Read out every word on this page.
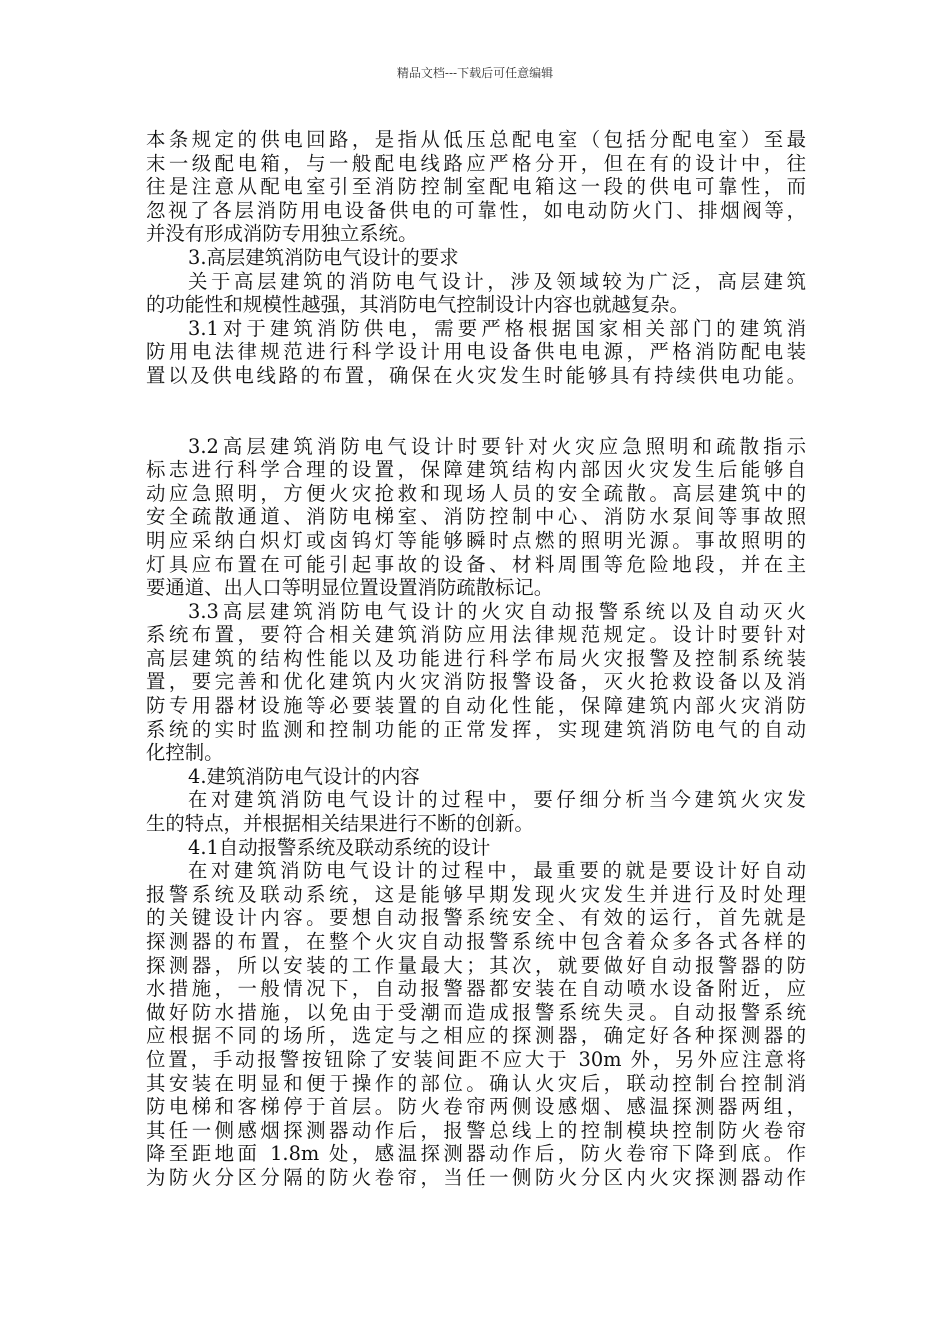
精品文档---下载后可任意编辑
本条规定的供电回路，是指从低压总配电室（包括分配电室）至最
末一级配电箱，与一般配电线路应严格分开，但在有的设计中，往
往是注意从配电室引至消防控制室配电箱这一段的供电可靠性，而
忽视了各层消防用电设备供电的可靠性，如电动防火门、排烟阀等，
并没有形成消防专用独立系统。
3.高层建筑消防电气设计的要求
关于高层建筑的消防电气设计，涉及领域较为广泛，高层建筑
的功能性和规模性越强，其消防电气控制设计内容也就越复杂。
3.1对于建筑消防供电，需要严格根据国家相关部门的建筑消
防用电法律规范进行科学设计用电设备供电电源，严格消防配电装
置以及供电线路的布置，确保在火灾发生时能够具有持续供电功能。
3.2高层建筑消防电气设计时要针对火灾应急照明和疏散指示
标志进行科学合理的设置，保障建筑结构内部因火灾发生后能够自
动应急照明，方便火灾抢救和现场人员的安全疏散。高层建筑中的
安全疏散通道、消防电梯室、消防控制中心、消防水泵间等事故照
明应采纳白炽灯或卤钨灯等能够瞬时点燃的照明光源。事故照明的
灯具应布置在可能引起事故的设备、材料周围等危险地段，并在主
要通道、出人口等明显位置设置消防疏散标记。
3.3高层建筑消防电气设计的火灾自动报警系统以及自动灭火
系统布置，要符合相关建筑消防应用法律规范规定。设计时要针对
高层建筑的结构性能以及功能进行科学布局火灾报警及控制系统装
置，要完善和优化建筑内火灾消防报警设备，灭火抢救设备以及消
防专用器材设施等必要装置的自动化性能，保障建筑内部火灾消防
系统的实时监测和控制功能的正常发挥，实现建筑消防电气的自动
化控制。
4.建筑消防电气设计的内容
在对建筑消防电气设计的过程中，要仔细分析当今建筑火灾发
生的特点，并根据相关结果进行不断的创新。
4.1自动报警系统及联动系统的设计
在对建筑消防电气设计的过程中，最重要的就是要设计好自动
报警系统及联动系统，这是能够早期发现火灾发生并进行及时处理
的关键设计内容。要想自动报警系统安全、有效的运行，首先就是
探测器的布置，在整个火灾自动报警系统中包含着众多各式各样的
探测器，所以安装的工作量最大；其次，就要做好自动报警器的防
水措施，一般情况下，自动报警器都安装在自动喷水设备附近，应
做好防水措施，以免由于受潮而造成报警系统失灵。自动报警系统
应根据不同的场所，选定与之相应的探测器，确定好各种探测器的
位置，手动报警按钮除了安装间距不应大于 30m 外，另外应注意将
其安装在明显和便于操作的部位。确认火灾后，联动控制台控制消
防电梯和客梯停于首层。防火卷帘两侧设感烟、感温探测器两组，
其任一侧感烟探测器动作后，报警总线上的控制模块控制防火卷帘
降至距地面 1.8m 处，感温探测器动作后，防火卷帘下降到底。作
为防火分区分隔的防火卷帘，当任一侧防火分区内火灾探测器动作
